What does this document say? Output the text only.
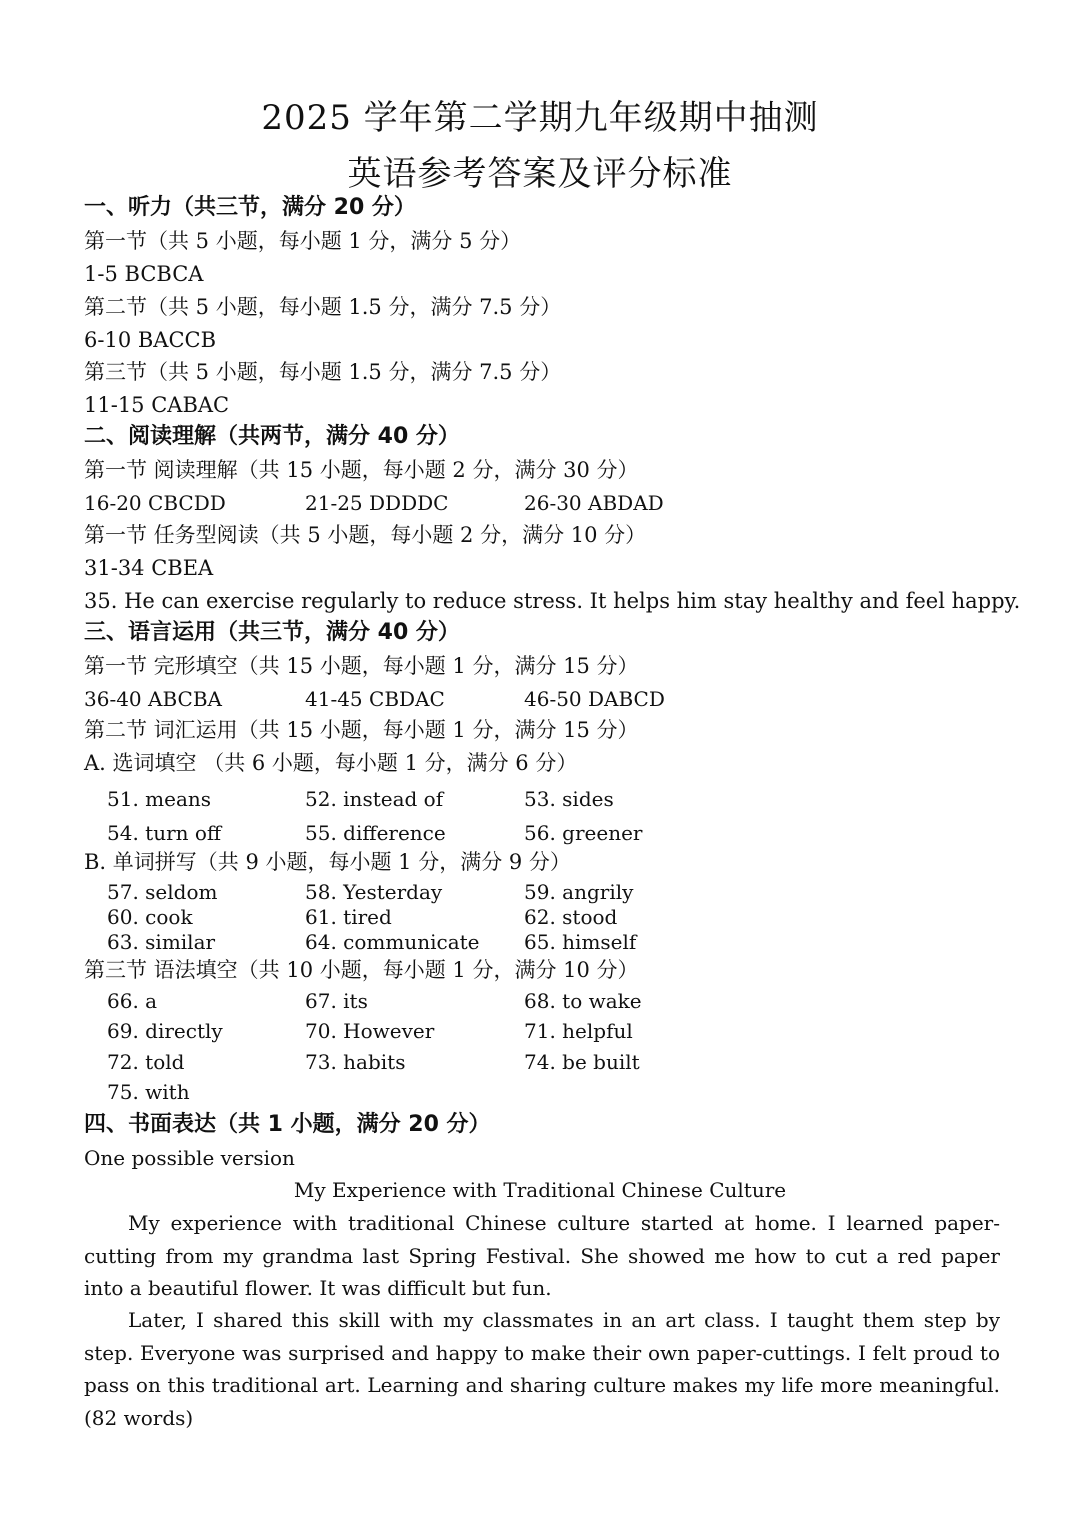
2025 学年第二学期九年级期中抽测
英语参考答案及评分标准
一、听力（共三节，满分 20 分）
第一节（共 5 小题，每小题 1 分，满分 5 分）
1-5 BCBCA
第二节（共 5 小题，每小题 1.5 分，满分 7.5 分）
6-10 BACCB
第三节（共 5 小题，每小题 1.5 分，满分 7.5 分）
11-15 CABAC
二、阅读理解（共两节，满分 40 分）
第一节 阅读理解（共 15 小题，每小题 2 分，满分 30 分）
16-20 CBCDD	21-25 DDDDC	26-30 ABDAD
第一节 任务型阅读（共 5 小题，每小题 2 分，满分 10 分）
31-34 CBEA
35. He can exercise regularly to reduce stress. It helps him stay healthy and feel happy.
三、语言运用（共三节，满分 40 分）
第一节 完形填空（共 15 小题，每小题 1 分，满分 15 分）
36-40 ABCBA	41-45 CBDAC	46-50 DABCD
第二节 词汇运用（共 15 小题，每小题 1 分，满分 15 分）
A. 选词填空 （共 6 小题，每小题 1 分，满分 6 分）
51. means	52. instead of	53. sides
54. turn off	55. difference	56. greener
B. 单词拼写（共 9 小题，每小题 1 分，满分 9 分）
57. seldom	58. Yesterday	59. angrily
60. cook	61. tired	62. stood
63. similar	64. communicate 65. himself
第三节 语法填空（共 10 小题，每小题 1 分，满分 10 分）
66. a	67. its	68. to wake
69. directly	70. However	71. helpful
72. told	73. habits	74. be built
75. with
四、书面表达（共 1 小题，满分 20 分）
One possible version
My Experience with Traditional Chinese Culture

My experience with traditional Chinese culture started at home. I learned paper-cutting from my grandma last Spring Festival. She showed me how to cut a red paper into a beautiful flower. It was difficult but fun.

Later, I shared this skill with my classmates in an art class. I taught them step by step. Everyone was surprised and happy to make their own paper-cuttings. I felt proud to pass on this traditional art. Learning and sharing culture makes my life more meaningful. (82 words)
